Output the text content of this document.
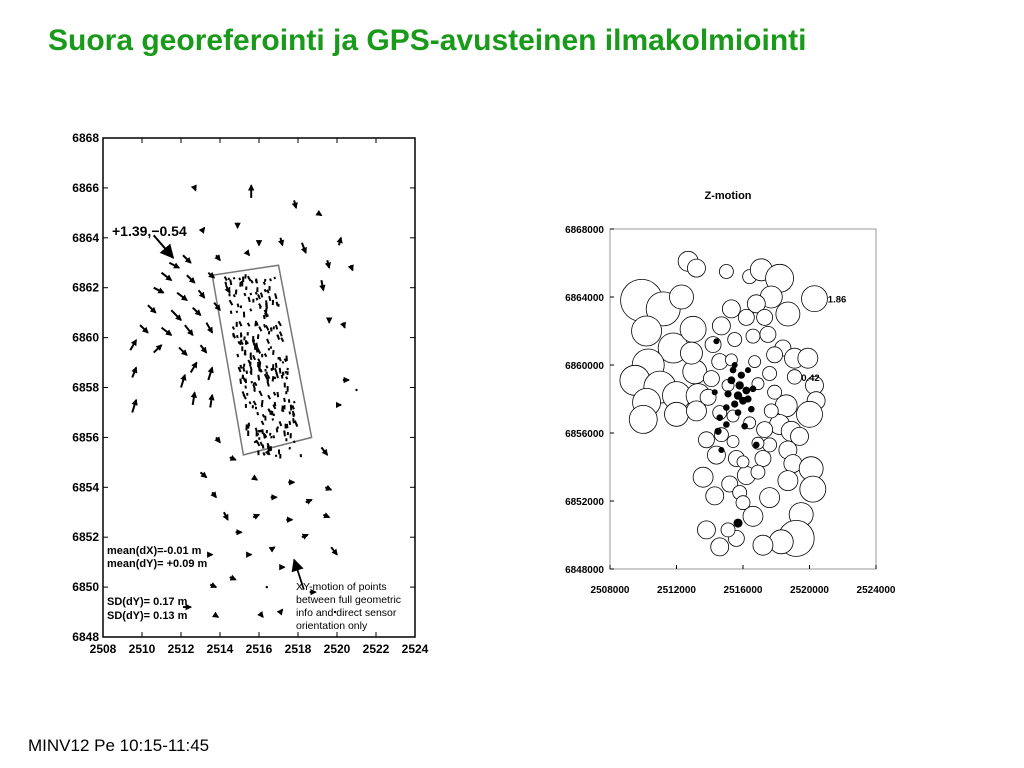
Suora georeferointi ja GPS-avusteinen ilmakolmiointi
MINV12 Pe 10:15-11:45
6848
6850
6852
6854
6856
6858
6860
6862
6864
6866
6868
2508 2510 2512 2514 2516 2518 2520 2522 2524
+1.39,−0.54
mean(dX)=-0.01 m
mean(dY)= +0.09 m
SD(dY)= 0.17 m
SD(dY)= 0.13 m
XY-motion of points
between full geometric
info and direct sensor
orientation only
Z-motion
6848000
6852000
6856000
6860000
6864000
6868000
2508000	2512000	2516000	2520000	2524000
1.86
0.42
